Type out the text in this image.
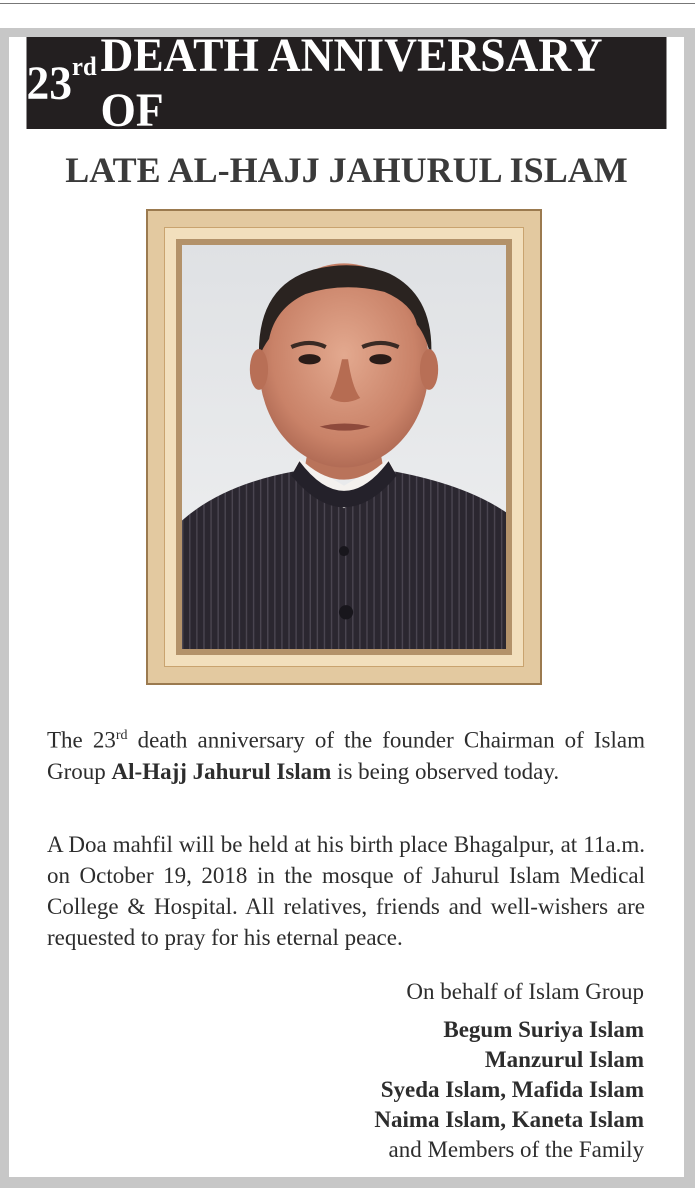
23rd DEATH ANNIVERSARY OF
LATE AL-HAJJ JAHURUL ISLAM
The 23rd death anniversary of the founder Chairman of Islam Group Al-Hajj Jahurul Islam is being observed today.
A Doa mahfil will be held at his birth place Bhagalpur, at 11a.m. on October 19, 2018 in the mosque of Jahurul Islam Medical College & Hospital. All relatives, friends and well-wishers are requested to pray for his eternal peace.
On behalf of Islam Group
Begum Suriya Islam
Manzurul Islam
Syeda Islam, Mafida Islam
Naima Islam, Kaneta Islam
and Members of the Family
